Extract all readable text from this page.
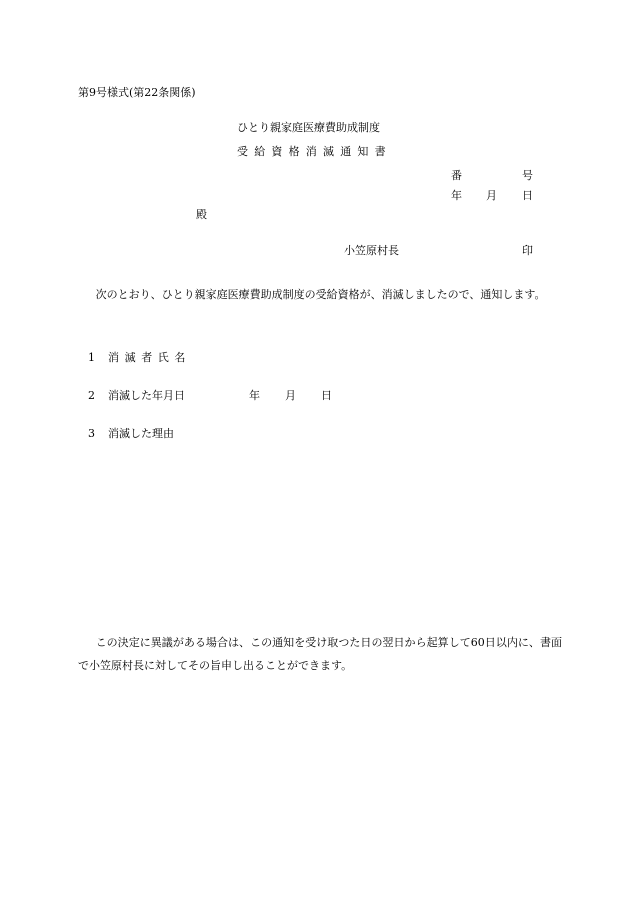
第9号様式(第22条関係)
ひとり親家庭医療費助成制度
受給資格消滅通知書
番	号
年 月 日
殿
小笠原村長	印
次のとおり、ひとり親家庭医療費助成制度の受給資格が、消滅しましたので、通知します。
1 消滅者氏名
2 消滅した年月日	年 月 日
3 消滅した理由
この決定に異議がある場合は、この通知を受け取つた日の翌日から起算して60日以内に、書面で小笠原村長に対してその旨申し出ることができます。
